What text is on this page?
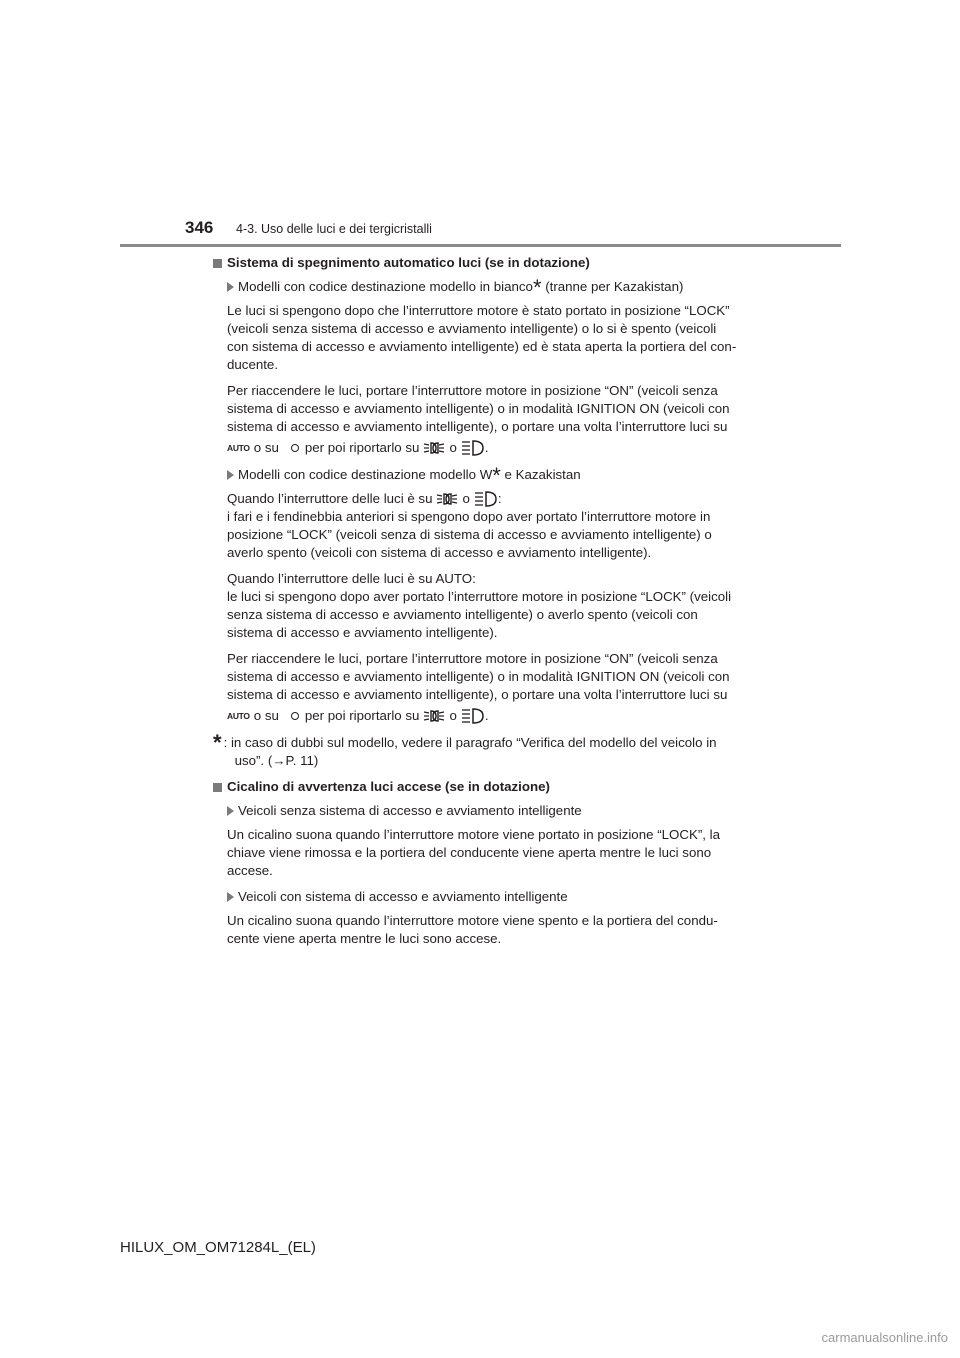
346 4-3. Uso delle luci e dei tergicristalli
Sistema di spegnimento automatico luci (se in dotazione)
Modelli con codice destinazione modello in bianco* (tranne per Kazakistan)
Le luci si spengono dopo che l’interruttore motore è stato portato in posizione “LOCK”
(veicoli senza sistema di accesso e avviamento intelligente) o lo si è spento (veicoli
con sistema di accesso e avviamento intelligente) ed è stata aperta la portiera del con-
ducente.
Per riaccendere le luci, portare l’interruttore motore in posizione “ON” (veicoli senza
sistema di accesso e avviamento intelligente) o in modalità IGNITION ON (veicoli con
sistema di accesso e avviamento intelligente), o portare una volta l’interruttore luci su
AUTO o su per poi riportarlo su o .
Modelli con codice destinazione modello W* e Kazakistan
Quando l’interruttore delle luci è su o :
i fari e i fendinebbia anteriori si spengono dopo aver portato l’interruttore motore in
posizione “LOCK” (veicoli senza di sistema di accesso e avviamento intelligente) o
averlo spento (veicoli con sistema di accesso e avviamento intelligente).
Quando l’interruttore delle luci è su AUTO:
le luci si spengono dopo aver portato l’interruttore motore in posizione “LOCK” (veicoli
senza sistema di accesso e avviamento intelligente) o averlo spento (veicoli con
sistema di accesso e avviamento intelligente).
Per riaccendere le luci, portare l’interruttore motore in posizione “ON” (veicoli senza
sistema di accesso e avviamento intelligente) o in modalità IGNITION ON (veicoli con
sistema di accesso e avviamento intelligente), o portare una volta l’interruttore luci su
AUTO o su per poi riportarlo su o .
* : in caso di dubbi sul modello, vedere il paragrafo “Verifica del modello del veicolo in
uso”. (→P. 11)
Cicalino di avvertenza luci accese (se in dotazione)
Veicoli senza sistema di accesso e avviamento intelligente
Un cicalino suona quando l’interruttore motore viene portato in posizione “LOCK”, la
chiave viene rimossa e la portiera del conducente viene aperta mentre le luci sono
accese.
Veicoli con sistema di accesso e avviamento intelligente
Un cicalino suona quando l’interruttore motore viene spento e la portiera del condu-
cente viene aperta mentre le luci sono accese.
HILUX_OM_OM71284L_(EL)
carmanualsonline.info
